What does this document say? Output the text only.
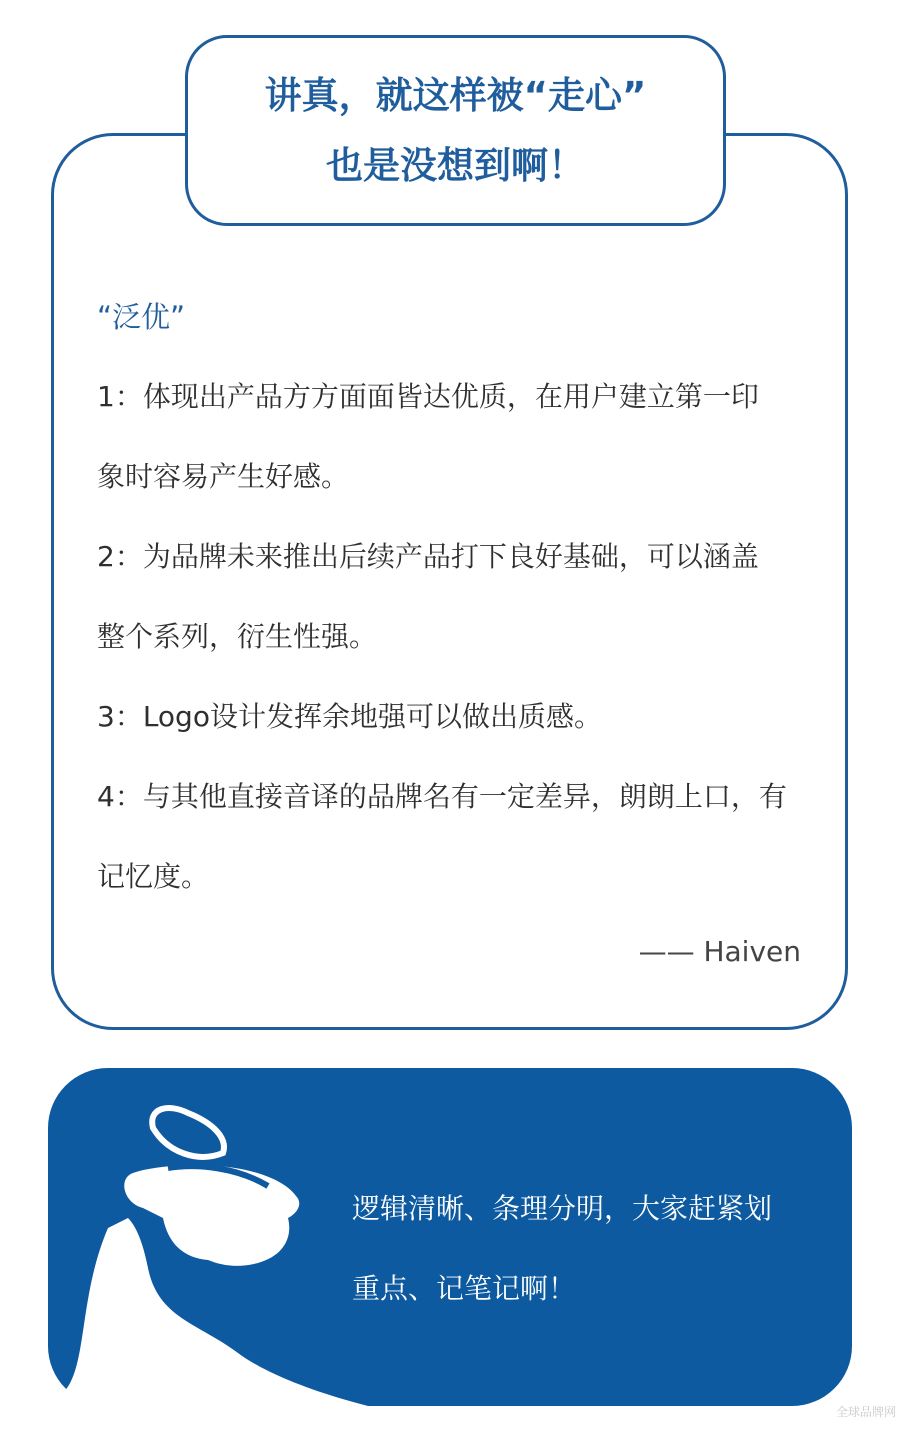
讲真，就这样被“走心”
也是没想到啊！
“泛优”
1：体现出产品方方面面皆达优质，在用户建立第一印
象时容易产生好感。
2：为品牌未来推出后续产品打下良好基础，可以涵盖
整个系列，衍生性强。
3：Logo设计发挥余地强可以做出质感。
4：与其他直接音译的品牌名有一定差异，朗朗上口，有
记忆度。
—— Haiven
逻辑清晰、条理分明，大家赶紧划
重点、记笔记啊！
全球品牌网
